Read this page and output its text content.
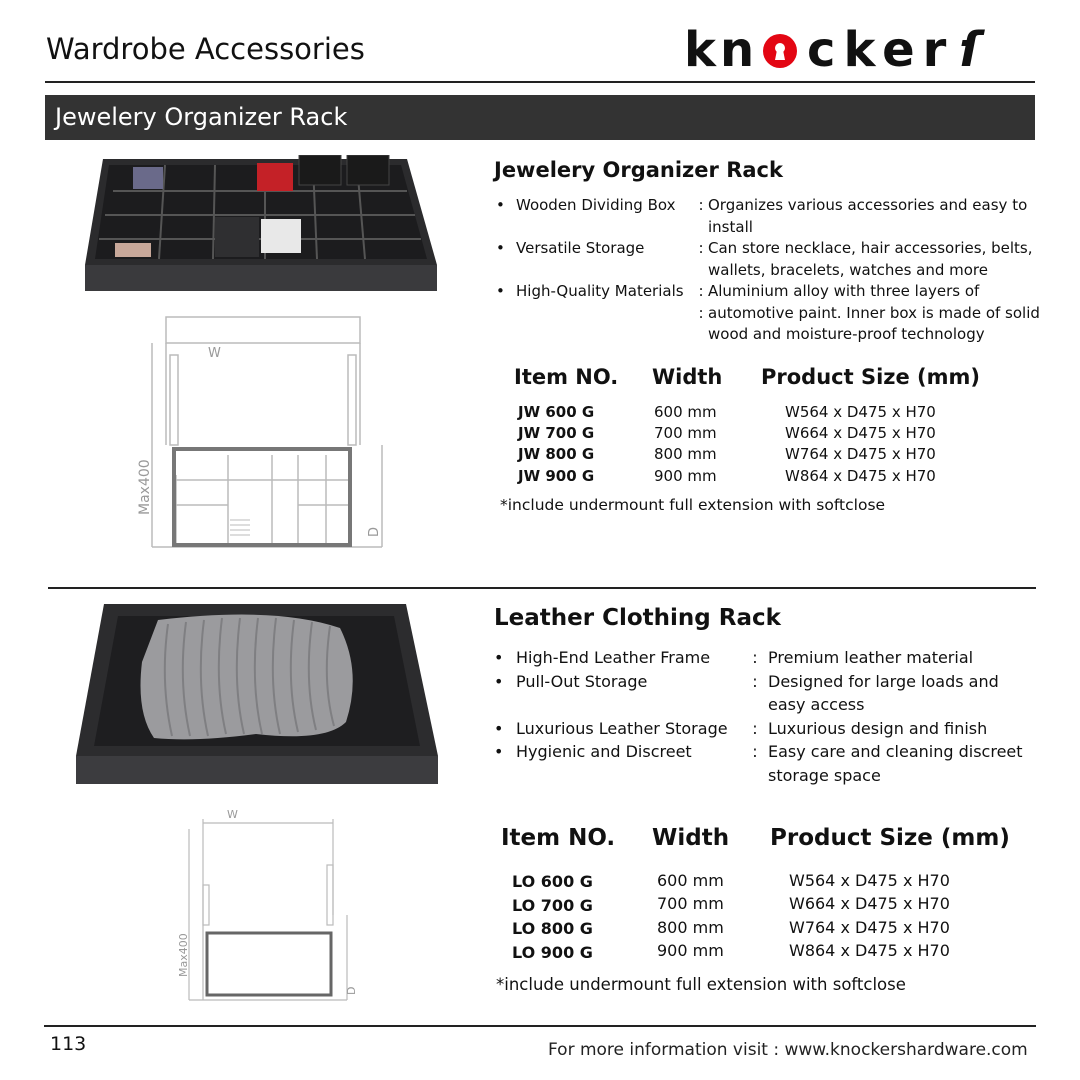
Wardrobe Accessories	k n cker ſ
Jewelery Organizer Rack
W
Max400
D
Jewelery Organizer Rack
• Wooden Dividing Box	: Organizes various accessories and easy to
install
• Versatile Storage	: Can store necklace, hair accessories, belts,
wallets, bracelets, watches and more
• High-Quality Materials : Aluminium alloy with three layers of
: automotive paint. Inner box is made of solid
wood and moisture-proof technology
Item NO. Width Product Size (mm)
JW 600 G	600 mm	W564 x D475 x H70
JW 700 G	700 mm	W664 x D475 x H70
JW 800 G	800 mm	W764 x D475 x H70
JW 900 G	900 mm	W864 x D475 x H70
*include undermount full extension with softclose
W
Max400
D
Leather Clothing Rack
• High-End Leather Frame	: Premium leather material
• Pull-Out Storage	: Designed for large loads and
easy access
• Luxurious Leather Storage	: Luxurious design and finish
• Hygienic and Discreet	: Easy care and cleaning discreet
storage space
Item NO. Width Product Size (mm)
LO 600 G	600 mm	W564 x D475 x H70
LO 700 G	700 mm	W664 x D475 x H70
LO 800 G	800 mm	W764 x D475 x H70
LO 900 G	900 mm	W864 x D475 x H70
*include undermount full extension with softclose
113	For more information visit : www.knockershardware.com
